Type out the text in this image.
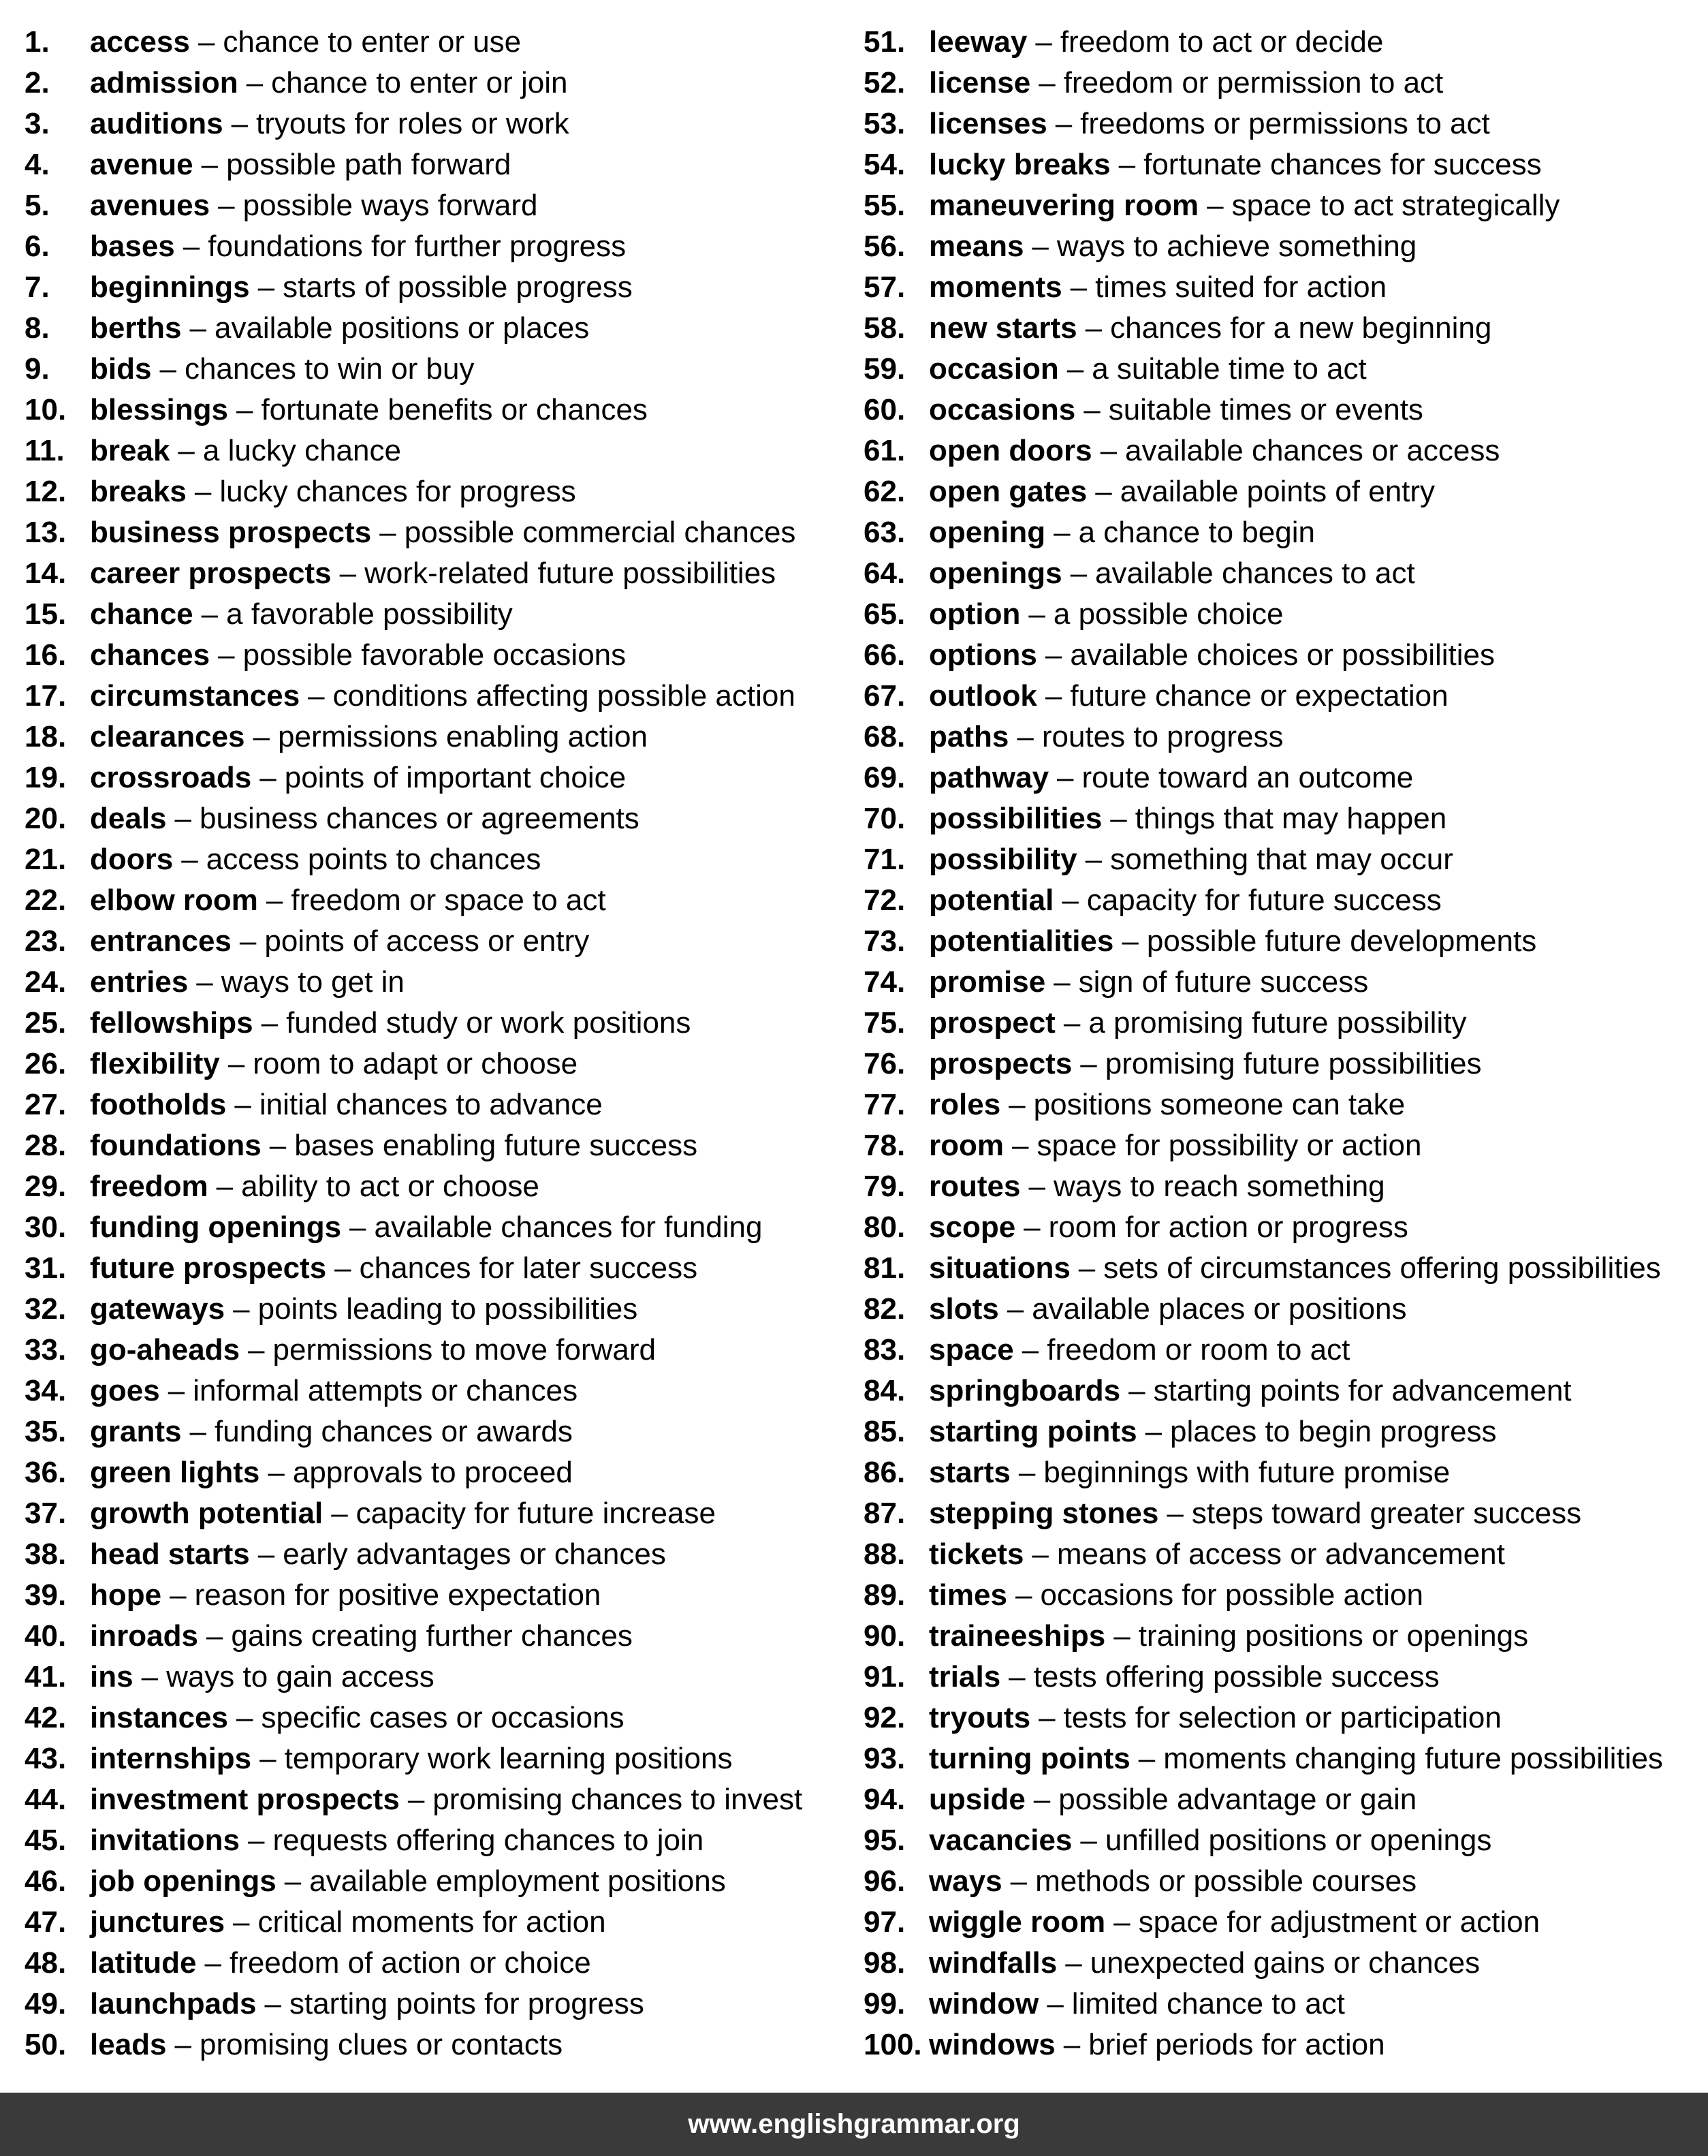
1.	access – chance to enter or use
2.	admission – chance to enter or join
3.	auditions – tryouts for roles or work
4.	avenue – possible path forward
5.	avenues – possible ways forward
6.	bases – foundations for further progress
7.	beginnings – starts of possible progress
8.	berths – available positions or places
9.	bids – chances to win or buy
10. blessings – fortunate benefits or chances
11. break – a lucky chance
12. breaks – lucky chances for progress
13. business prospects – possible commercial chances
14. career prospects – work-related future possibilities
15. chance – a favorable possibility
16. chances – possible favorable occasions
17. circumstances – conditions affecting possible action
18. clearances – permissions enabling action
19. crossroads – points of important choice
20. deals – business chances or agreements
21. doors – access points to chances
22. elbow room – freedom or space to act
23. entrances – points of access or entry
24. entries – ways to get in
25. fellowships – funded study or work positions
26. flexibility – room to adapt or choose
27. footholds – initial chances to advance
28. foundations – bases enabling future success
29. freedom – ability to act or choose
30. funding openings – available chances for funding
31. future prospects – chances for later success
32. gateways – points leading to possibilities
33. go-aheads – permissions to move forward
34. goes – informal attempts or chances
35. grants – funding chances or awards
36. green lights – approvals to proceed
37. growth potential – capacity for future increase
38. head starts – early advantages or chances
39. hope – reason for positive expectation
40. inroads – gains creating further chances
41. ins – ways to gain access
42. instances – specific cases or occasions
43. internships – temporary work learning positions
44. investment prospects – promising chances to invest
45. invitations – requests offering chances to join
46. job openings – available employment positions
47. junctures – critical moments for action
48. latitude – freedom of action or choice
49. launchpads – starting points for progress
50. leads – promising clues or contacts
51. leeway – freedom to act or decide
52. license – freedom or permission to act
53. licenses – freedoms or permissions to act
54. lucky breaks – fortunate chances for success
55. maneuvering room – space to act strategically
56. means – ways to achieve something
57. moments – times suited for action
58. new starts – chances for a new beginning
59. occasion – a suitable time to act
60. occasions – suitable times or events
61. open doors – available chances or access
62. open gates – available points of entry
63. opening – a chance to begin
64. openings – available chances to act
65. option – a possible choice
66. options – available choices or possibilities
67. outlook – future chance or expectation
68. paths – routes to progress
69. pathway – route toward an outcome
70. possibilities – things that may happen
71. possibility – something that may occur
72. potential – capacity for future success
73. potentialities – possible future developments
74. promise – sign of future success
75. prospect – a promising future possibility
76. prospects – promising future possibilities
77. roles – positions someone can take
78. room – space for possibility or action
79. routes – ways to reach something
80. scope – room for action or progress
81. situations – sets of circumstances offering possibilities
82. slots – available places or positions
83. space – freedom or room to act
84. springboards – starting points for advancement
85. starting points – places to begin progress
86. starts – beginnings with future promise
87. stepping stones – steps toward greater success
88. tickets – means of access or advancement
89. times – occasions for possible action
90. traineeships – training positions or openings
91. trials – tests offering possible success
92. tryouts – tests for selection or participation
93. turning points – moments changing future possibilities
94. upside – possible advantage or gain
95. vacancies – unfilled positions or openings
96. ways – methods or possible courses
97. wiggle room – space for adjustment or action
98. windfalls – unexpected gains or chances
99. window – limited chance to act
100. windows – brief periods for action
www.englishgrammar.org
